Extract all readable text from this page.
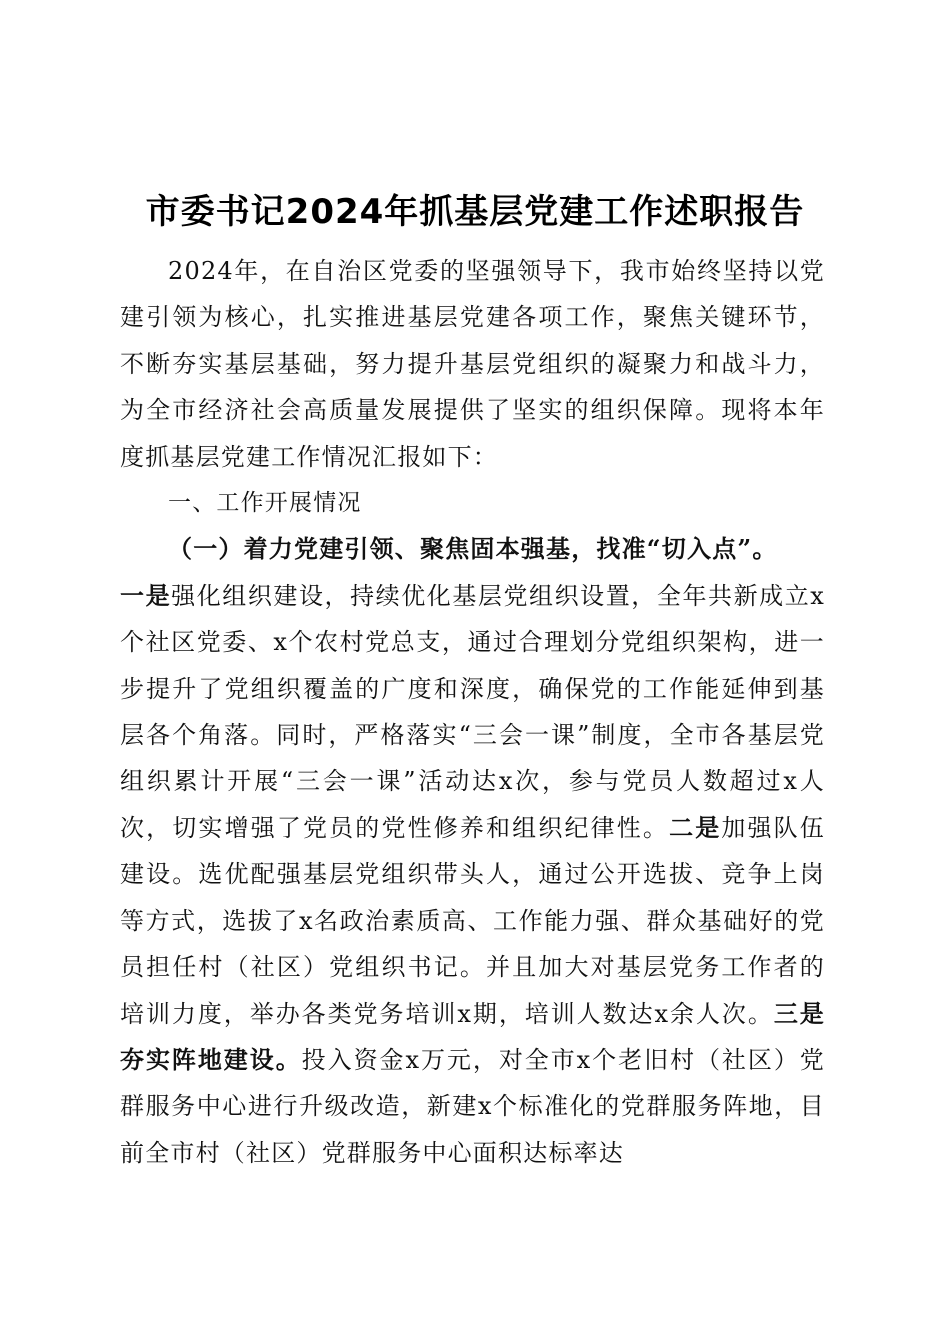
市委书记2024年抓基层党建工作述职报告

2024年，在自治区党委的坚强领导下，我市始终坚持以党建引领为核心，扎实推进基层党建各项工作，聚焦关键环节，不断夯实基层基础，努力提升基层党组织的凝聚力和战斗力，为全市经济社会高质量发展提供了坚实的组织保障。现将本年度抓基层党建工作情况汇报如下：

一、工作开展情况

（一）着力党建引领、聚焦固本强基，找准“切入点”。

一是强化组织建设，持续优化基层党组织设置，全年共新成立x个社区党委、x个农村党总支，通过合理划分党组织架构，进一步提升了党组织覆盖的广度和深度，确保党的工作能延伸到基层各个角落。同时，严格落实“三会一课”制度，全市各基层党组织累计开展“三会一课”活动达x次，参与党员人数超过x人次，切实增强了党员的党性修养和组织纪律性。二是加强队伍建设。选优配强基层党组织带头人，通过公开选拔、竞争上岗等方式，选拔了x名政治素质高、工作能力强、群众基础好的党员担任村（社区）党组织书记。并且加大对基层党务工作者的培训力度，举办各类党务培训x期，培训人数达x余人次。三是夯实阵地建设。投入资金x万元，对全市x个老旧村（社区）党群服务中心进行升级改造，新建x个标准化的党群服务阵地，目前全市村（社区）党群服务中心面积达标率达
